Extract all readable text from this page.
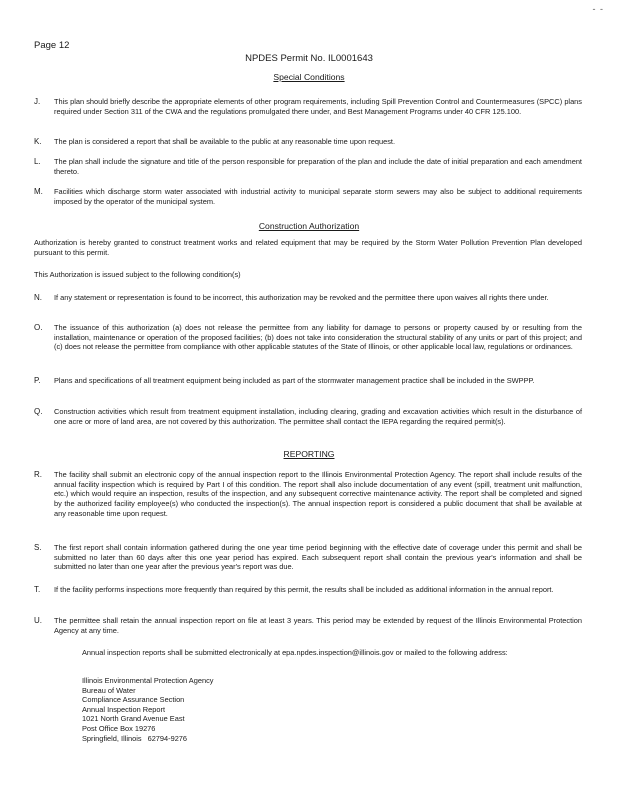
- -
Page 12
NPDES Permit No. IL0001643
Special Conditions
J.	This plan should briefly describe the appropriate elements of other program requirements, including Spill Prevention Control and Countermeasures (SPCC) plans required under Section 311 of the CWA and the regulations promulgated there under, and Best Management Programs under 40 CFR 125.100.
K.	The plan is considered a report that shall be available to the public at any reasonable time upon request.
L.	The plan shall include the signature and title of the person responsible for preparation of the plan and include the date of initial preparation and each amendment thereto.
M.	Facilities which discharge storm water associated with industrial activity to municipal separate storm sewers may also be subject to additional requirements imposed by the operator of the municipal system.
Construction Authorization
Authorization is hereby granted to construct treatment works and related equipment that may be required by the Storm Water Pollution Prevention Plan developed pursuant to this permit.
This Authorization is issued subject to the following condition(s)
N.	If any statement or representation is found to be incorrect, this authorization may be revoked and the permittee there upon waives all rights there under.
O.	The issuance of this authorization (a) does not release the permittee from any liability for damage to persons or property caused by or resulting from the installation, maintenance or operation of the proposed facilities; (b) does not take into consideration the structural stability of any units or part of this project; and (c) does not release the permittee from compliance with other applicable statutes of the State of Illinois, or other applicable local law, regulations or ordinances.
P.	Plans and specifications of all treatment equipment being included as part of the stormwater management practice shall be included in the SWPPP.
Q.	Construction activities which result from treatment equipment installation, including clearing, grading and excavation activities which result in the disturbance of one acre or more of land area, are not covered by this authorization. The permittee shall contact the IEPA regarding the required permit(s).
REPORTING
R.	The facility shall submit an electronic copy of the annual inspection report to the Illinois Environmental Protection Agency. The report shall include results of the annual facility inspection which is required by Part I of this condition. The report shall also include documentation of any event (spill, treatment unit malfunction, etc.) which would require an inspection, results of the inspection, and any subsequent corrective maintenance activity. The report shall be completed and signed by the authorized facility employee(s) who conducted the inspection(s). The annual inspection report is considered a public document that shall be available at any reasonable time upon request.
S.	The first report shall contain information gathered during the one year time period beginning with the effective date of coverage under this permit and shall be submitted no later than 60 days after this one year period has expired. Each subsequent report shall contain the previous year's information and shall be submitted no later than one year after the previous year's report was due.
T.	If the facility performs inspections more frequently than required by this permit, the results shall be included as additional information in the annual report.
U.	The permittee shall retain the annual inspection report on file at least 3 years. This period may be extended by request of the Illinois Environmental Protection Agency at any time.
Annual inspection reports shall be submitted electronically at epa.npdes.inspection@illinois.gov or mailed to the following address:
Illinois Environmental Protection Agency
Bureau of Water
Compliance Assurance Section
Annual Inspection Report
1021 North Grand Avenue East
Post Office Box 19276
Springfield, Illinois 62794-9276
